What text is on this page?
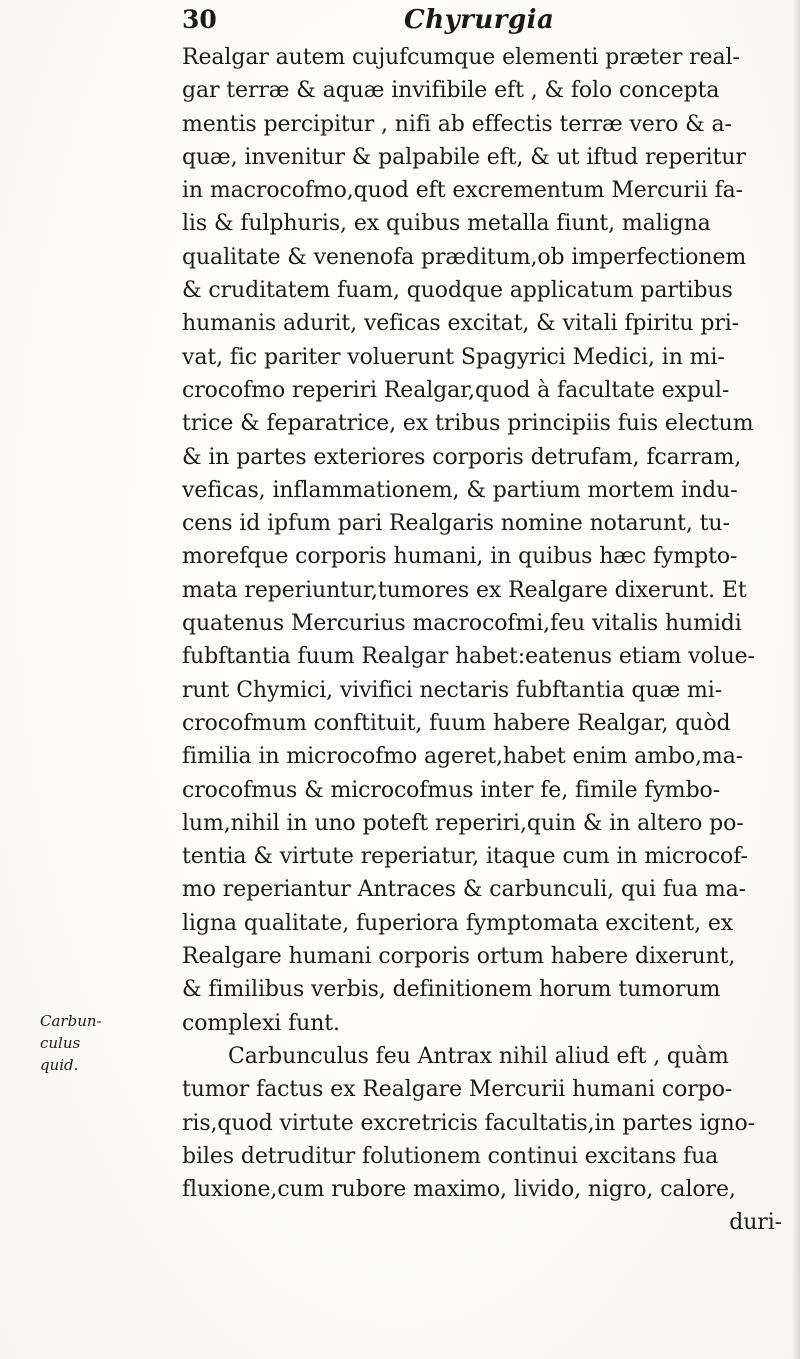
30	Chyrurgia
Carbun-
culus
quid.
Realgar autem cujufcumque elementi præter real-
gar terræ & aquæ invifibile eft , & folo concepta
mentis percipitur , nifi ab effectis terræ vero & a-
quæ, invenitur & palpabile eft, & ut iftud reperitur
in macrocofmo,quod eft excrementum Mercurii fa-
lis & fulphuris, ex quibus metalla fiunt, maligna
qualitate & venenofa præditum,ob imperfectionem
& cruditatem fuam, quodque applicatum partibus
humanis adurit, veficas excitat, & vitali fpiritu pri-
vat, fic pariter voluerunt Spagyrici Medici, in mi-
crocofmo reperiri Realgar,quod à facultate expul-
trice & feparatrice, ex tribus principiis fuis electum
& in partes exteriores corporis detrufam, fcarram,
veficas, inflammationem, & partium mortem indu-
cens id ipfum pari Realgaris nomine notarunt, tu-
morefque corporis humani, in quibus hæc fympto-
mata reperiuntur,tumores ex Realgare dixerunt. Et
quatenus Mercurius macrocofmi,feu vitalis humidi
fubftantia fuum Realgar habet:eatenus etiam volue-
runt Chymici, vivifici nectaris fubftantia quæ mi-
crocofmum conftituit, fuum habere Realgar, quòd
fimilia in microcofmo ageret,habet enim ambo,ma-
crocofmus & microcofmus inter fe, fimile fymbo-
lum,nihil in uno poteft reperiri,quin & in altero po-
tentia & virtute reperiatur, itaque cum in microcof-
mo reperiantur Antraces & carbunculi, qui fua ma-
ligna qualitate, fuperiora fymptomata excitent, ex
Realgare humani corporis ortum habere dixerunt,
& fimilibus verbis, definitionem horum tumorum
complexi funt.
Carbunculus feu Antrax nihil aliud eft , quàm
tumor factus ex Realgare Mercurii humani corpo-
ris,quod virtute excretricis facultatis,in partes igno-
biles detruditur folutionem continui excitans fua
fluxione,cum rubore maximo, livido, nigro, calore,
duri-
